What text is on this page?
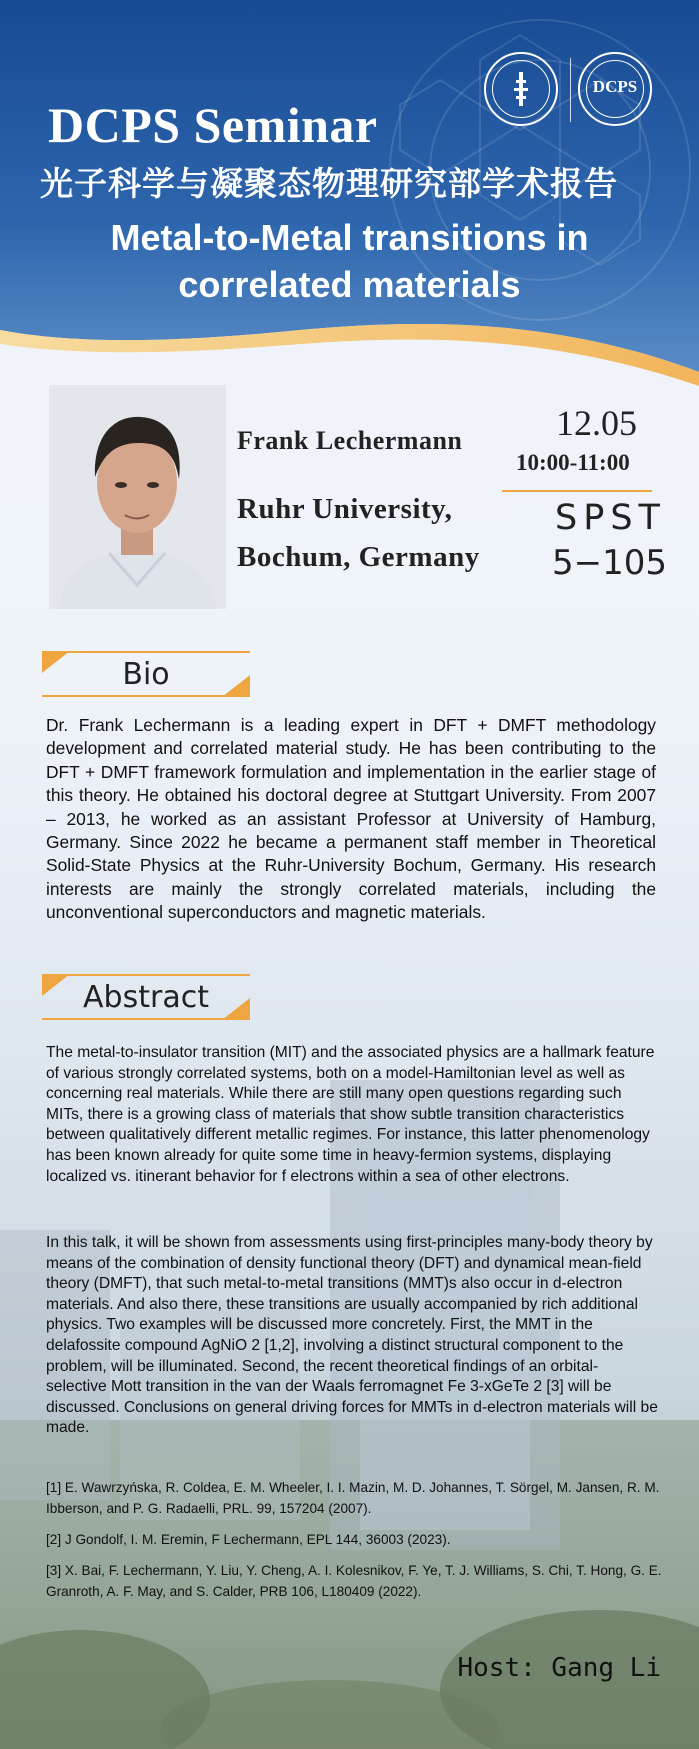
DCPS
DCPS Seminar
光子科学与凝聚态物理研究部学术报告
Metal-to-Metal transitions in
correlated materials
Frank Lechermann
Ruhr University,
Bochum, Germany
12.05
10:00-11:00
SPST
5−105
Bio

Dr. Frank Lechermann is a leading expert in DFT + DMFT methodology development and correlated material study. He has been contributing to the DFT + DMFT framework formulation and implementation in the earlier stage of this theory. He obtained his doctoral degree at Stuttgart University. From 2007 – 2013, he worked as an assistant Professor at University of Hamburg, Germany. Since 2022 he became a permanent staff member in Theoretical Solid-State Physics at the Ruhr-University Bochum, Germany. His research interests are mainly the strongly correlated materials, including the unconventional superconductors and magnetic materials.

Abstract

The metal-to-insulator transition (MIT) and the associated physics are a hallmark feature of various strongly correlated systems, both on a model-Hamiltonian level as well as concerning real materials. While there are still many open questions regarding such MITs, there is a growing class of materials that show subtle transition characteristics between qualitatively different metallic regimes. For instance, this latter phenomenology has been known already for quite some time in heavy-fermion systems, displaying localized vs. itinerant behavior for f electrons within a sea of other electrons.

In this talk, it will be shown from assessments using first-principles many-body theory by means of the combination of density functional theory (DFT) and dynamical mean-field theory (DMFT), that such metal-to-metal transitions (MMT)s also occur in d-electron materials. And also there, these transitions are usually accompanied by rich additional physics. Two examples will be discussed more concretely. First, the MMT in the delafossite compound AgNiO 2 [1,2], involving a distinct structural component to the problem, will be illuminated. Second, the recent theoretical findings of an orbital-selective Mott transition in the van der Waals ferromagnet Fe 3-xGeTe 2 [3] will be discussed. Conclusions on general driving forces for MMTs in d-electron materials will be made.

[1] E. Wawrzyńska, R. Coldea, E. M. Wheeler, I. I. Mazin, M. D. Johannes, T. Sörgel, M. Jansen, R. M. Ibberson, and P. G. Radaelli, PRL. 99, 157204 (2007).

[2] J Gondolf, I. M. Eremin, F Lechermann, EPL 144, 36003 (2023).

[3] X. Bai, F. Lechermann, Y. Liu, Y. Cheng, A. I. Kolesnikov, F. Ye, T. J. Williams, S. Chi, T. Hong, G. E. Granroth, A. F. May, and S. Calder, PRB 106, L180409 (2022).

Host: Gang Li
